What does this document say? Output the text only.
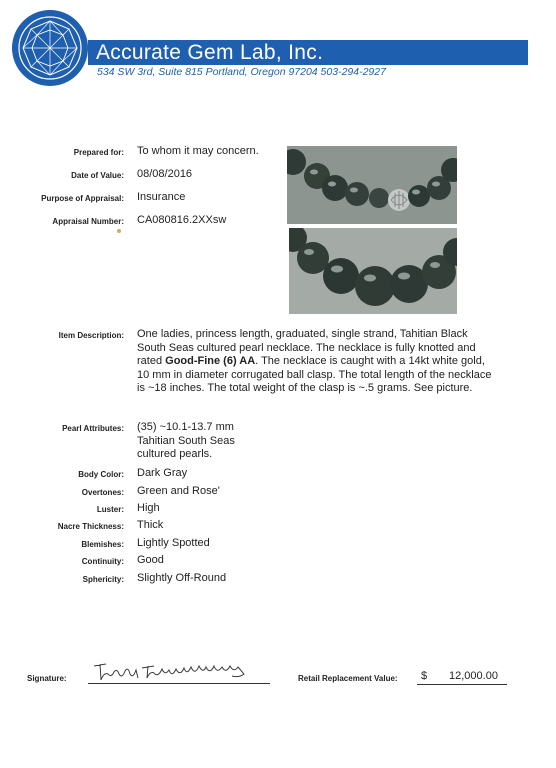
Accurate Gem Lab, Inc.
534 SW 3rd, Suite 815 Portland, Oregon 97204 503-294-2927
Prepared for: To whom it may concern.
Date of Value: 08/08/2016
Purpose of Appraisal: Insurance
Appraisal Number: CA080816.2XXsw
Item Description: One ladies, princess length, graduated, single strand, Tahitian Black South Seas cultured pearl necklace. The necklace is fully knotted and rated Good-Fine (6) AA. The necklace is caught with a 14kt white gold, 10 mm in diameter corrugated ball clasp. The total length of the necklace is ~18 inches. The total weight of the clasp is ~.5 grams. See picture.
Pearl Attributes: (35) ~10.1-13.7 mm
Tahitian South Seas
cultured pearls.
Body Color: Dark Gray
Overtones: Green and Rose'
Luster: High
Nacre Thickness: Thick
Blemishes: Lightly Spotted
Continuity: Good
Sphericity: Slightly Off-Round
Signature:	Retail Replacement Value: $ 12,000.00
